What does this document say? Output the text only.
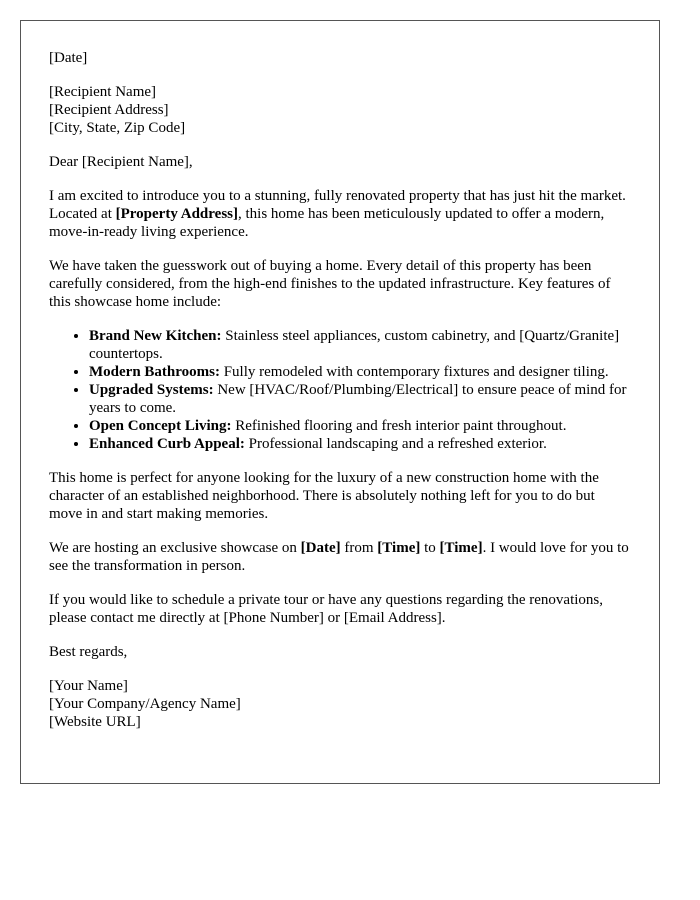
[Date]

[Recipient Name]
[Recipient Address]
[City, State, Zip Code]

Dear [Recipient Name],

I am excited to introduce you to a stunning, fully renovated property that has just hit the market. Located at [Property Address], this home has been meticulously updated to offer a modern, move-in-ready living experience.

We have taken the guesswork out of buying a home. Every detail of this property has been carefully considered, from the high-end finishes to the updated infrastructure. Key features of this showcase home include:

• Brand New Kitchen: Stainless steel appliances, custom cabinetry, and [Quartz/Granite] countertops.
• Modern Bathrooms: Fully remodeled with contemporary fixtures and designer tiling.
• Upgraded Systems: New [HVAC/Roof/Plumbing/Electrical] to ensure peace of mind for years to come.
• Open Concept Living: Refinished flooring and fresh interior paint throughout.
• Enhanced Curb Appeal: Professional landscaping and a refreshed exterior.

This home is perfect for anyone looking for the luxury of a new construction home with the character of an established neighborhood. There is absolutely nothing left for you to do but move in and start making memories.

We are hosting an exclusive showcase on [Date] from [Time] to [Time]. I would love for you to see the transformation in person.

If you would like to schedule a private tour or have any questions regarding the renovations, please contact me directly at [Phone Number] or [Email Address].

Best regards,

[Your Name]
[Your Company/Agency Name]
[Website URL]
